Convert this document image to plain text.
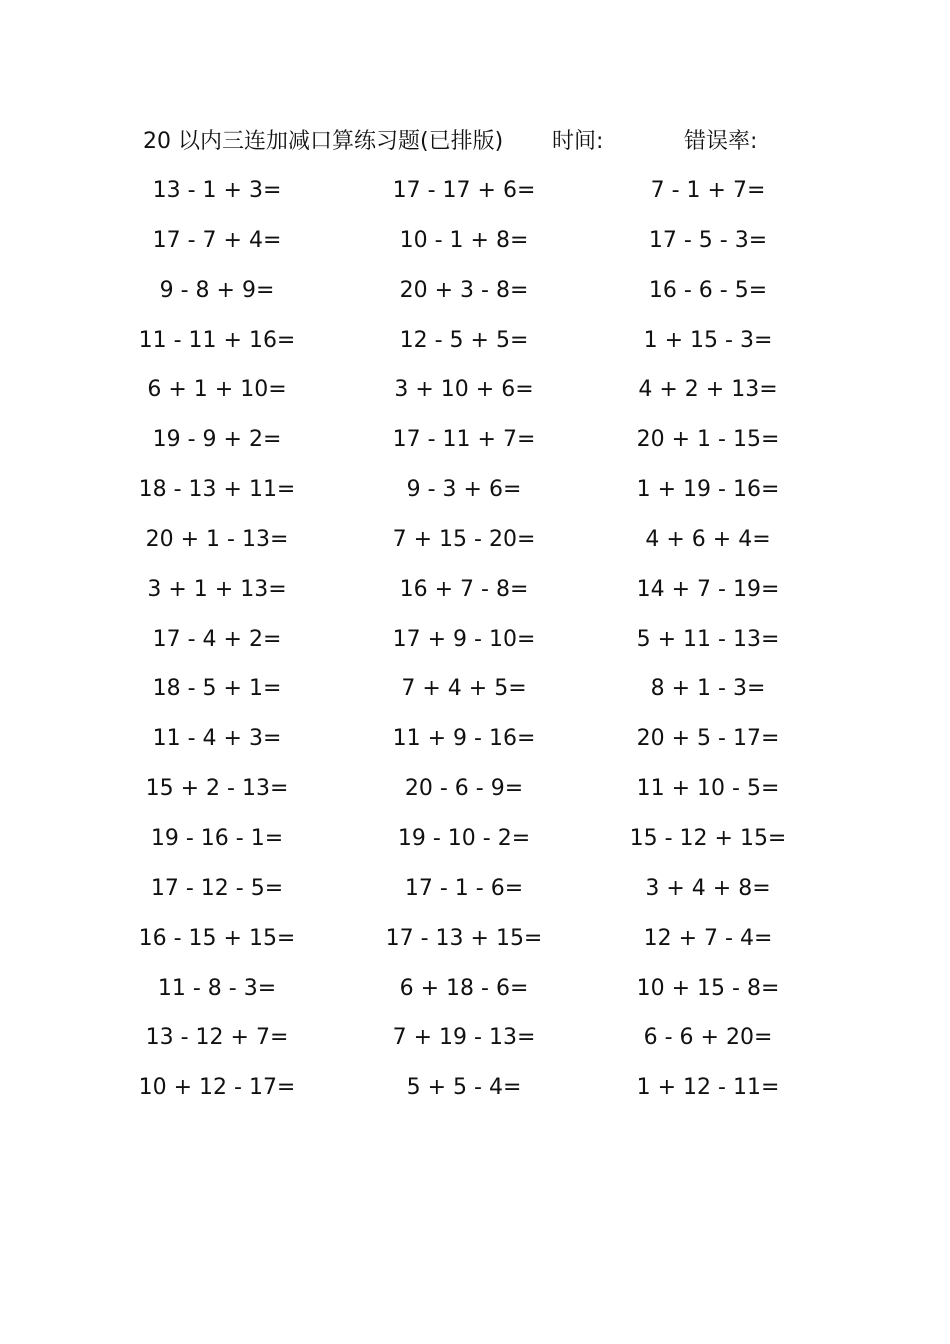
20 以内三连加减口算练习题(已排版) 时间:	错误率:
13 - 1 + 3=	17 - 17 + 6=	7 - 1 + 7=
17 - 7 + 4=	10 - 1 + 8=	17 - 5 - 3=
9 - 8 + 9=	20 + 3 - 8=	16 - 6 - 5=
11 - 11 + 16=	12 - 5 + 5=	1 + 15 - 3=
6 + 1 + 10=	3 + 10 + 6=	4 + 2 + 13=
19 - 9 + 2=	17 - 11 + 7=	20 + 1 - 15=
18 - 13 + 11=	9 - 3 + 6=	1 + 19 - 16=
20 + 1 - 13=	7 + 15 - 20=	4 + 6 + 4=
3 + 1 + 13=	16 + 7 - 8=	14 + 7 - 19=
17 - 4 + 2=	17 + 9 - 10=	5 + 11 - 13=
18 - 5 + 1=	7 + 4 + 5=	8 + 1 - 3=
11 - 4 + 3=	11 + 9 - 16=	20 + 5 - 17=
15 + 2 - 13=	20 - 6 - 9=	11 + 10 - 5=
19 - 16 - 1=	19 - 10 - 2=	15 - 12 + 15=
17 - 12 - 5=	17 - 1 - 6=	3 + 4 + 8=
16 - 15 + 15=	17 - 13 + 15=	12 + 7 - 4=
11 - 8 - 3=	6 + 18 - 6=	10 + 15 - 8=
13 - 12 + 7=	7 + 19 - 13=	6 - 6 + 20=
10 + 12 - 17=	5 + 5 - 4=	1 + 12 - 11=
